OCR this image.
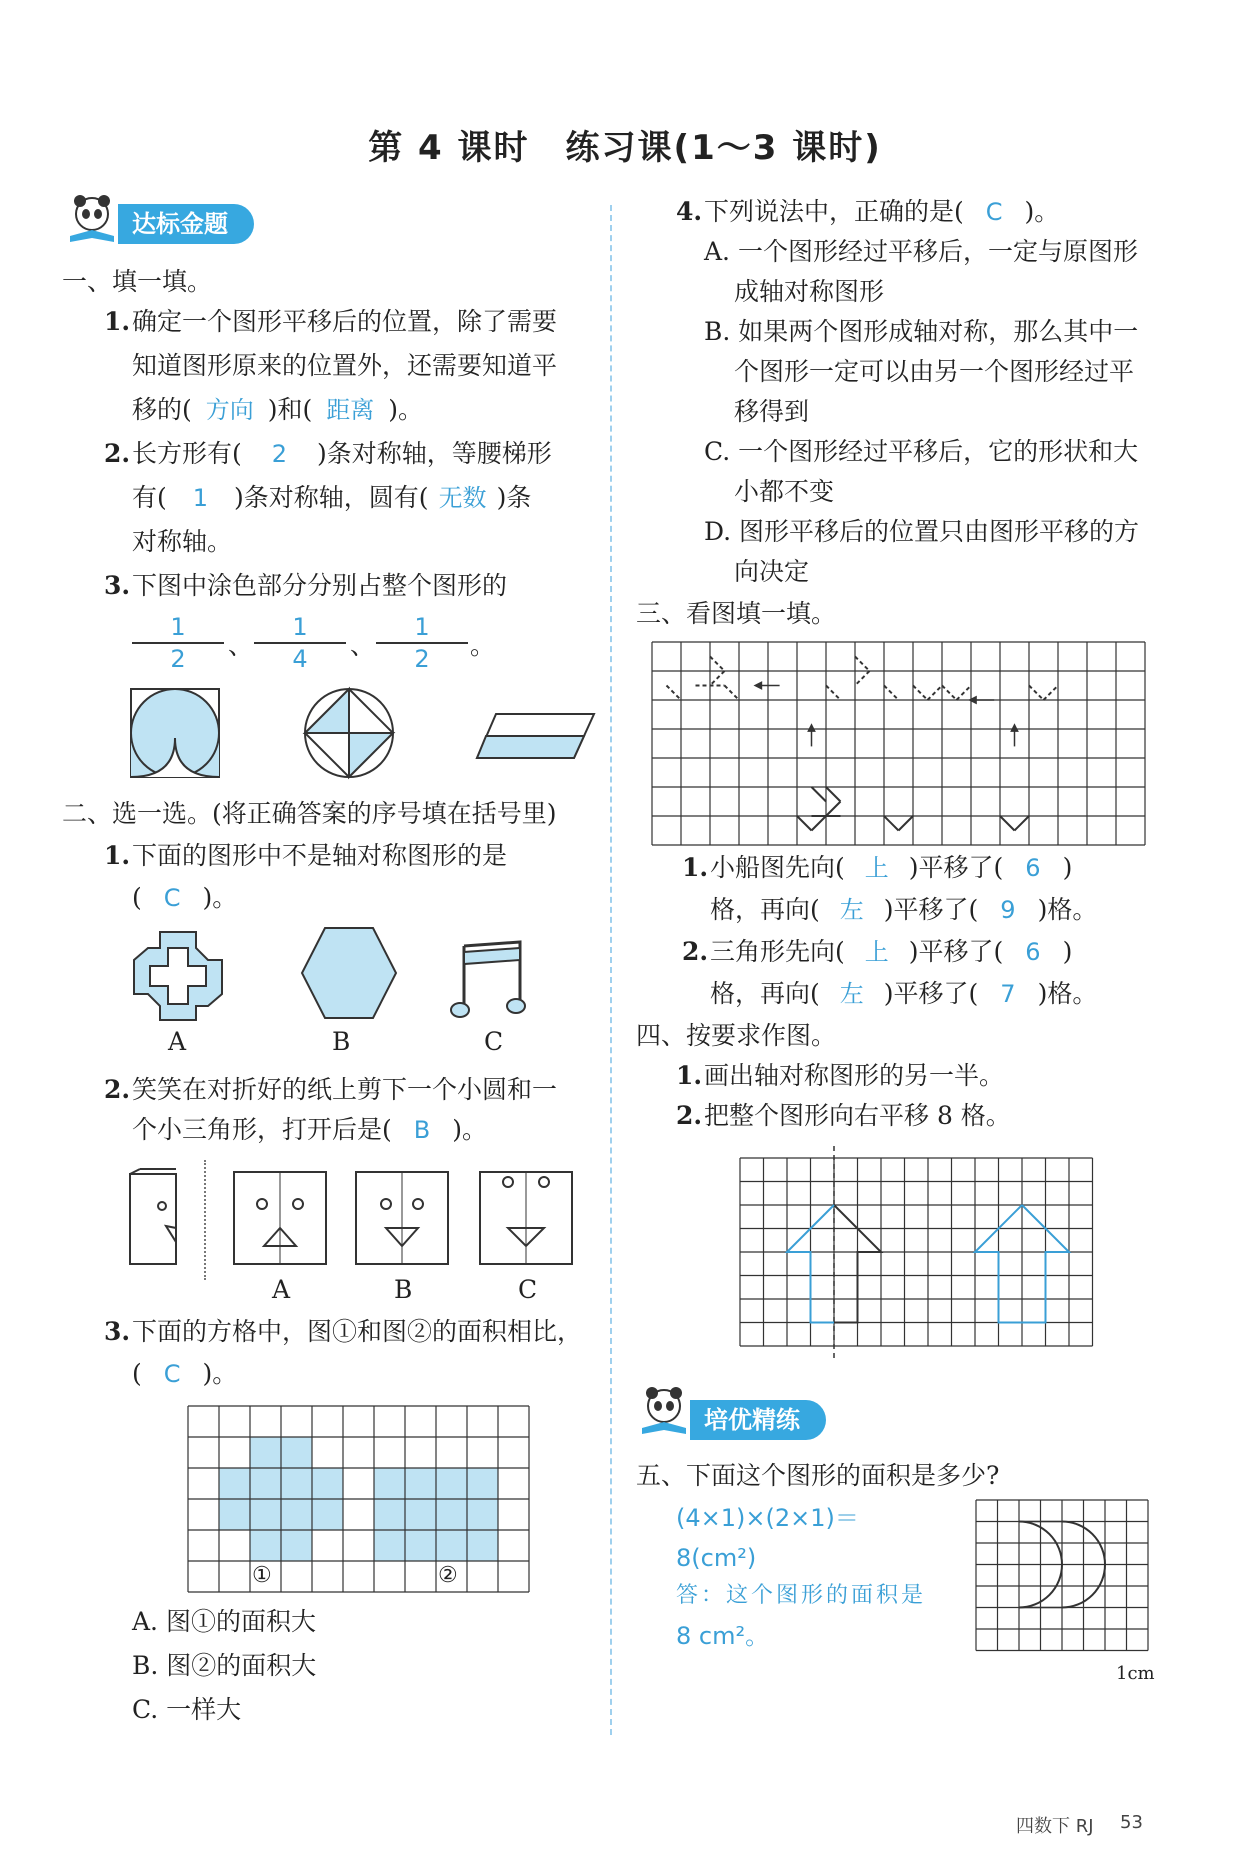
第 4 课时　练习课(1～3 课时)
达标金题
一、填一填。
1. 确定一个图形平移后的位置，除了需要
知道图形原来的位置外，还需要知道平
移的( 方向 )和( 距离 )。
2. 长方形有( 2 )条对称轴，等腰梯形
有( 1 )条对称轴，圆有( 无数 )条
对称轴。
3. 下图中涂色部分分别占整个图形的
1
2 、
1
4 、
1
2 。
二、选一选。(将正确答案的序号填在括号里)
1. 下面的图形中不是轴对称图形的是
( C )。
A	B	C
2. 笑笑在对折好的纸上剪下一个小圆和一
个小三角形，打开后是( B )。
A	B	C
3. 下面的方格中，图①和图②的面积相比，
( C )。
①	②
A. 图①的面积大
B. 图②的面积大
C. 一样大
4. 下列说法中，正确的是( C )。
A. 一个图形经过平移后，一定与原图形
成轴对称图形
B. 如果两个图形成轴对称，那么其中一
个图形一定可以由另一个图形经过平
移得到
C. 一个图形经过平移后，它的形状和大
小都不变
D. 图形平移后的位置只由图形平移的方
向决定
三、看图填一填。
1. 小船图先向( 上 )平移了( 6 )
格，再向( 左 )平移了( 9 )格。
2. 三角形先向( 上 )平移了( 6 )
格，再向( 左 )平移了( 7 )格。
四、按要求作图。
1. 画出轴对称图形的另一半。
2. 把整个图形向右平移 8 格。
培优精练
五、下面这个图形的面积是多少?
(4×1)×(2×1)＝
8(cm²)
答：这个图形的面积是
8 cm²。
1cm
四数下 RJ 53
